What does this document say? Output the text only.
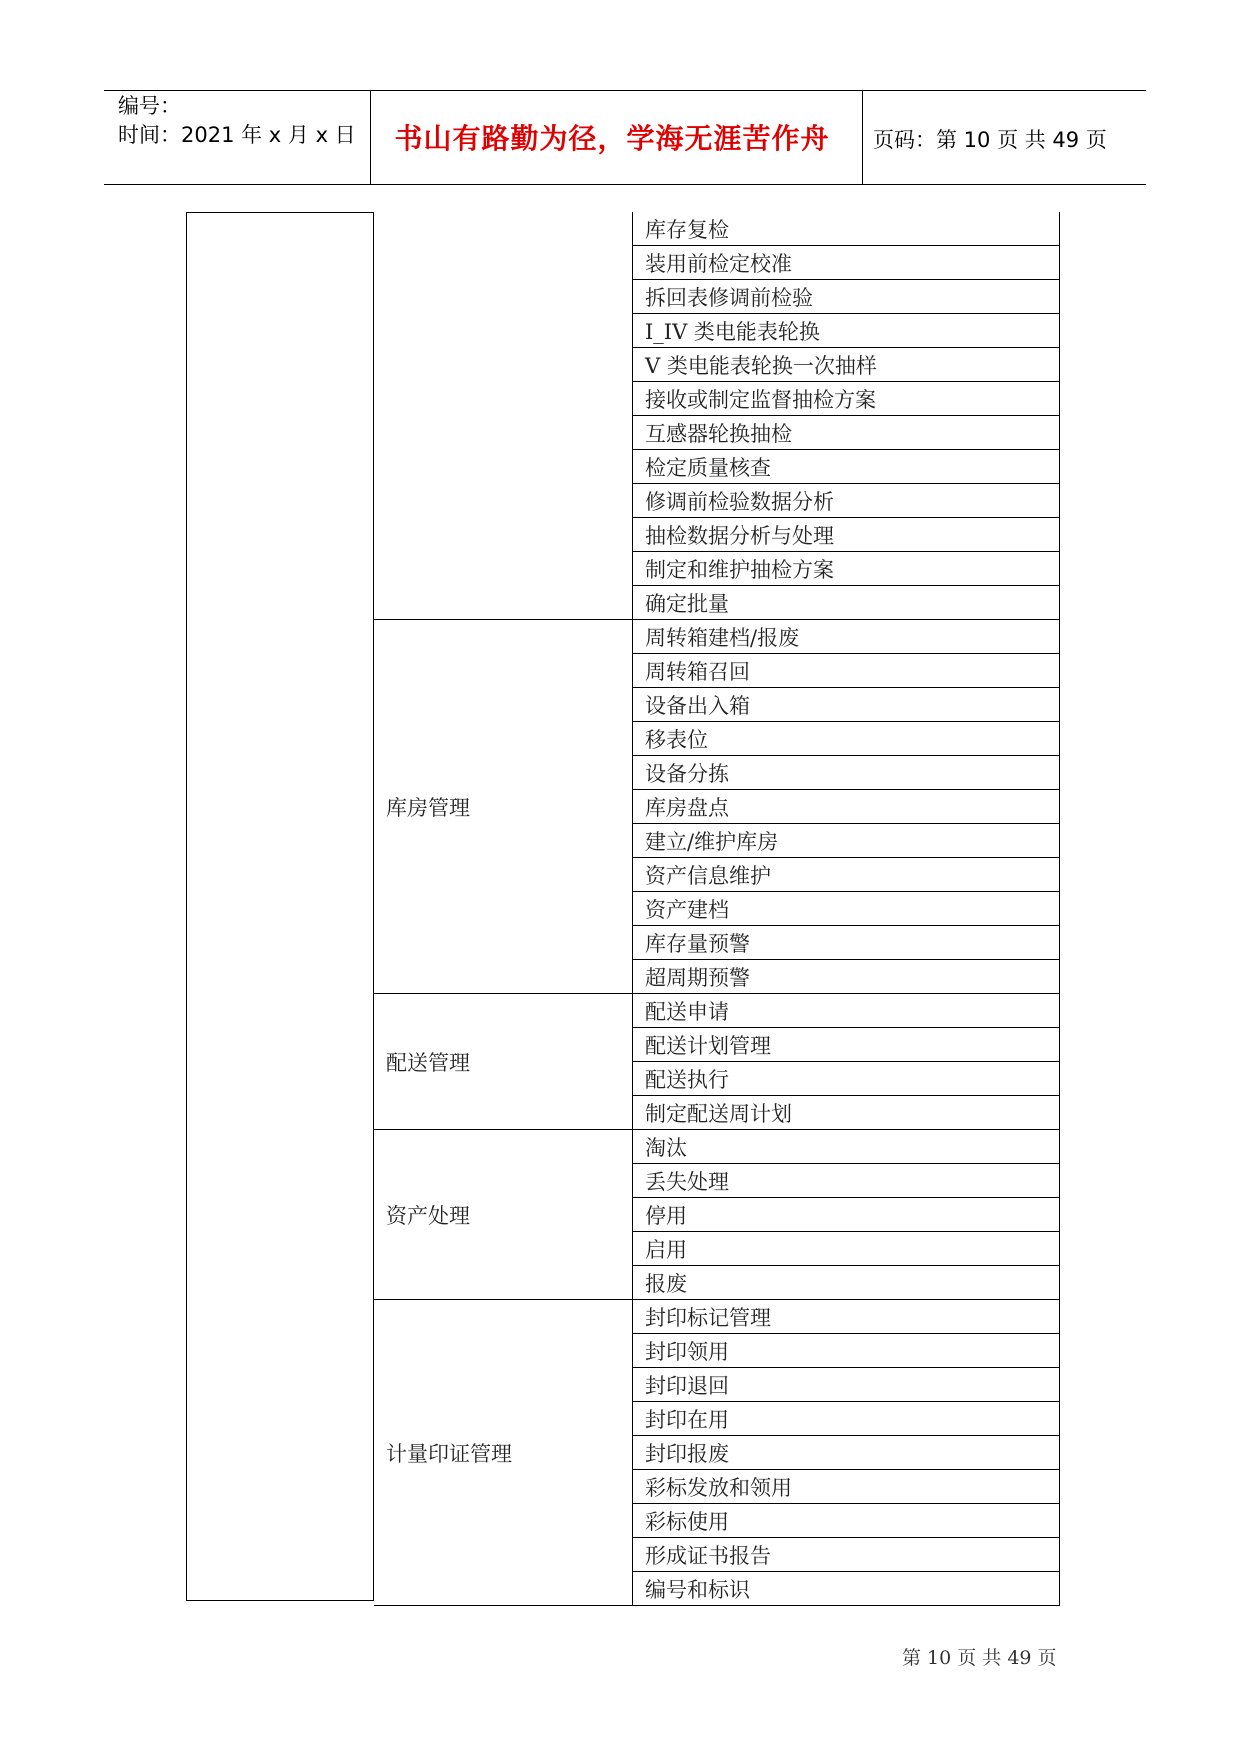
编号：
时间：2021 年 x 月 x 日	书山有路勤为径，学海无涯苦作舟	页码：第 10 页 共 49 页
库存复检
装用前检定校准
拆回表修调前检验
I_IV 类电能表轮换
V 类电能表轮换一次抽样
接收或制定监督抽检方案
互感器轮换抽检
检定质量核查
修调前检验数据分析
抽检数据分析与处理
制定和维护抽检方案
确定批量
库房管理
周转箱建档/报废
周转箱召回
设备出入箱
移表位
设备分拣
库房盘点
建立/维护库房
资产信息维护
资产建档
库存量预警
超周期预警
配送管理
配送申请
配送计划管理
配送执行
制定配送周计划
资产处理
淘汰
丢失处理
停用
启用
报废
计量印证管理
封印标记管理
封印领用
封印退回
封印在用
封印报废
彩标发放和领用
彩标使用
形成证书报告
编号和标识
第 10 页 共 49 页
